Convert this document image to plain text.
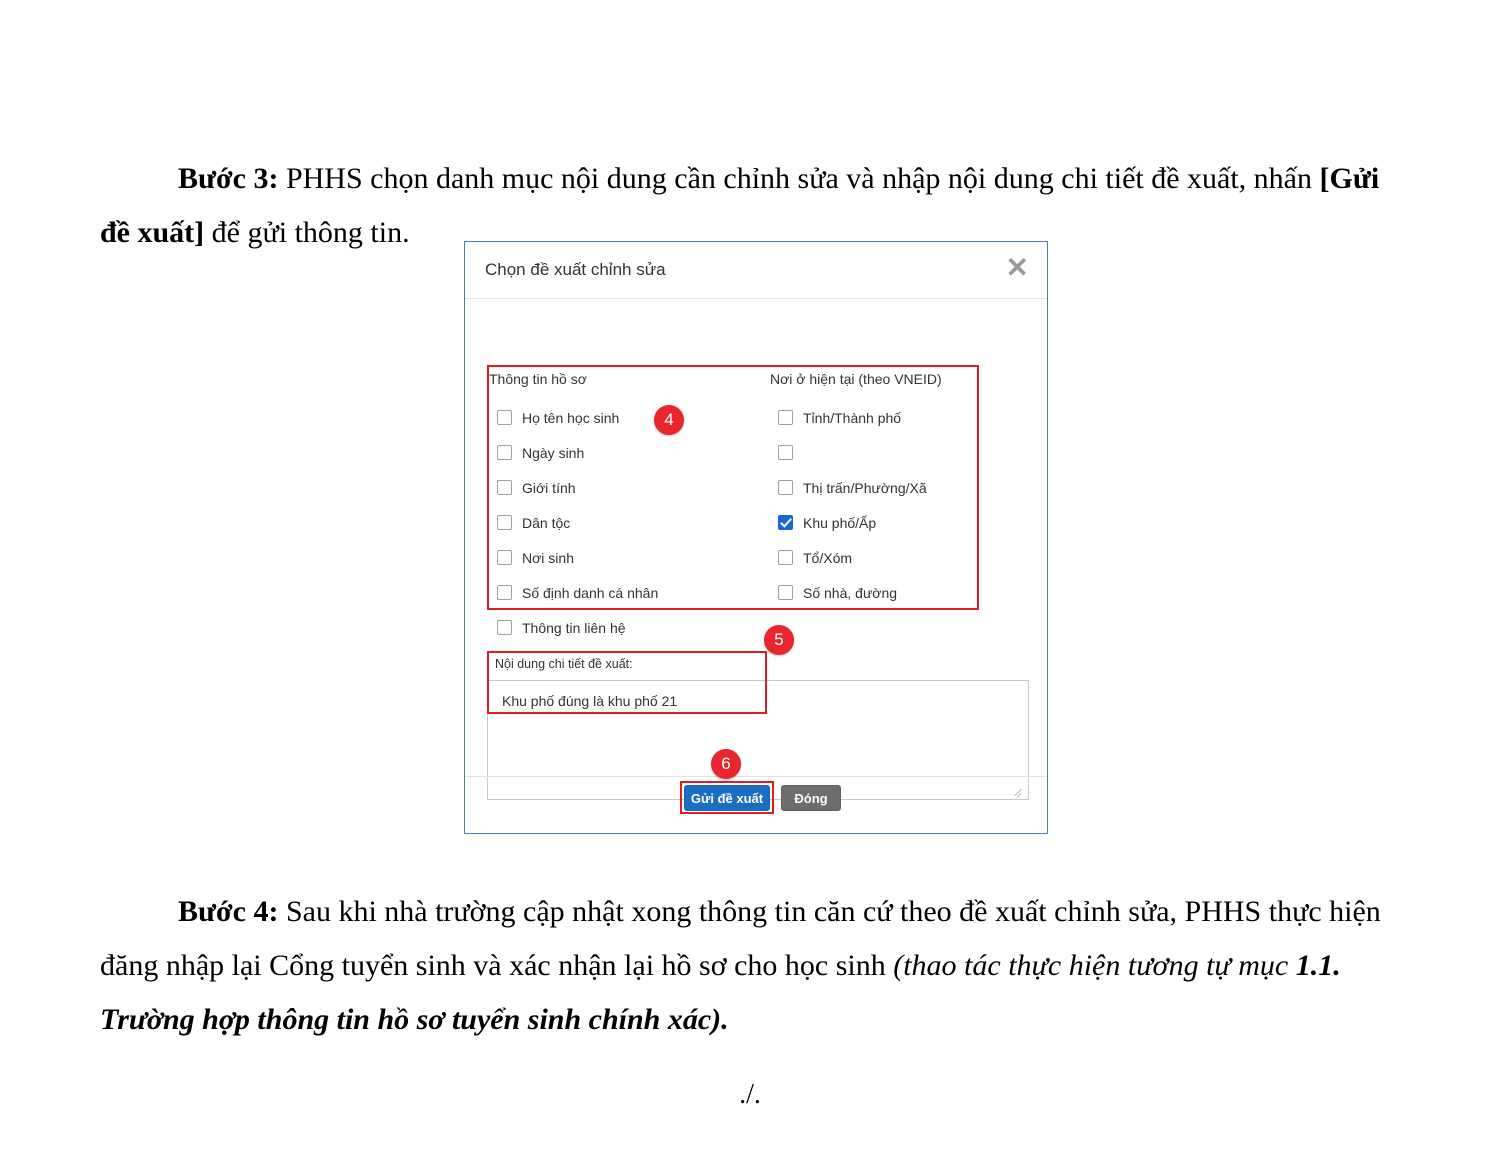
Bước 3: PHHS chọn danh mục nội dung cần chỉnh sửa và nhập nội dung chi tiết đề xuất, nhấn [Gửi đề xuất] để gửi thông tin.

Chọn đề xuất chỉnh sửa	✕
Thông tin hồ sơ
Họ tên học sinh
Ngày sinh
Giới tính
Dân tộc
Nơi sinh
Số định danh cá nhân
Thông tin liên hệ
Nơi ở hiện tại (theo VNEID)
Tỉnh/Thành phố
Thị trấn/Phường/Xã
Khu phố/Ấp
Tổ/Xóm
Số nhà, đường
Nội dung chi tiết đề xuất:
Khu phố đúng là khu phố 21
Gửi đề xuất	Đóng
4
5
6

Bước 4: Sau khi nhà trường cập nhật xong thông tin căn cứ theo đề xuất chỉnh sửa, PHHS thực hiện đăng nhập lại Cổng tuyển sinh và xác nhận lại hồ sơ cho học sinh (thao tác thực hiện tương tự mục 1.1. Trường hợp thông tin hồ sơ tuyển sinh chính xác).

./.
